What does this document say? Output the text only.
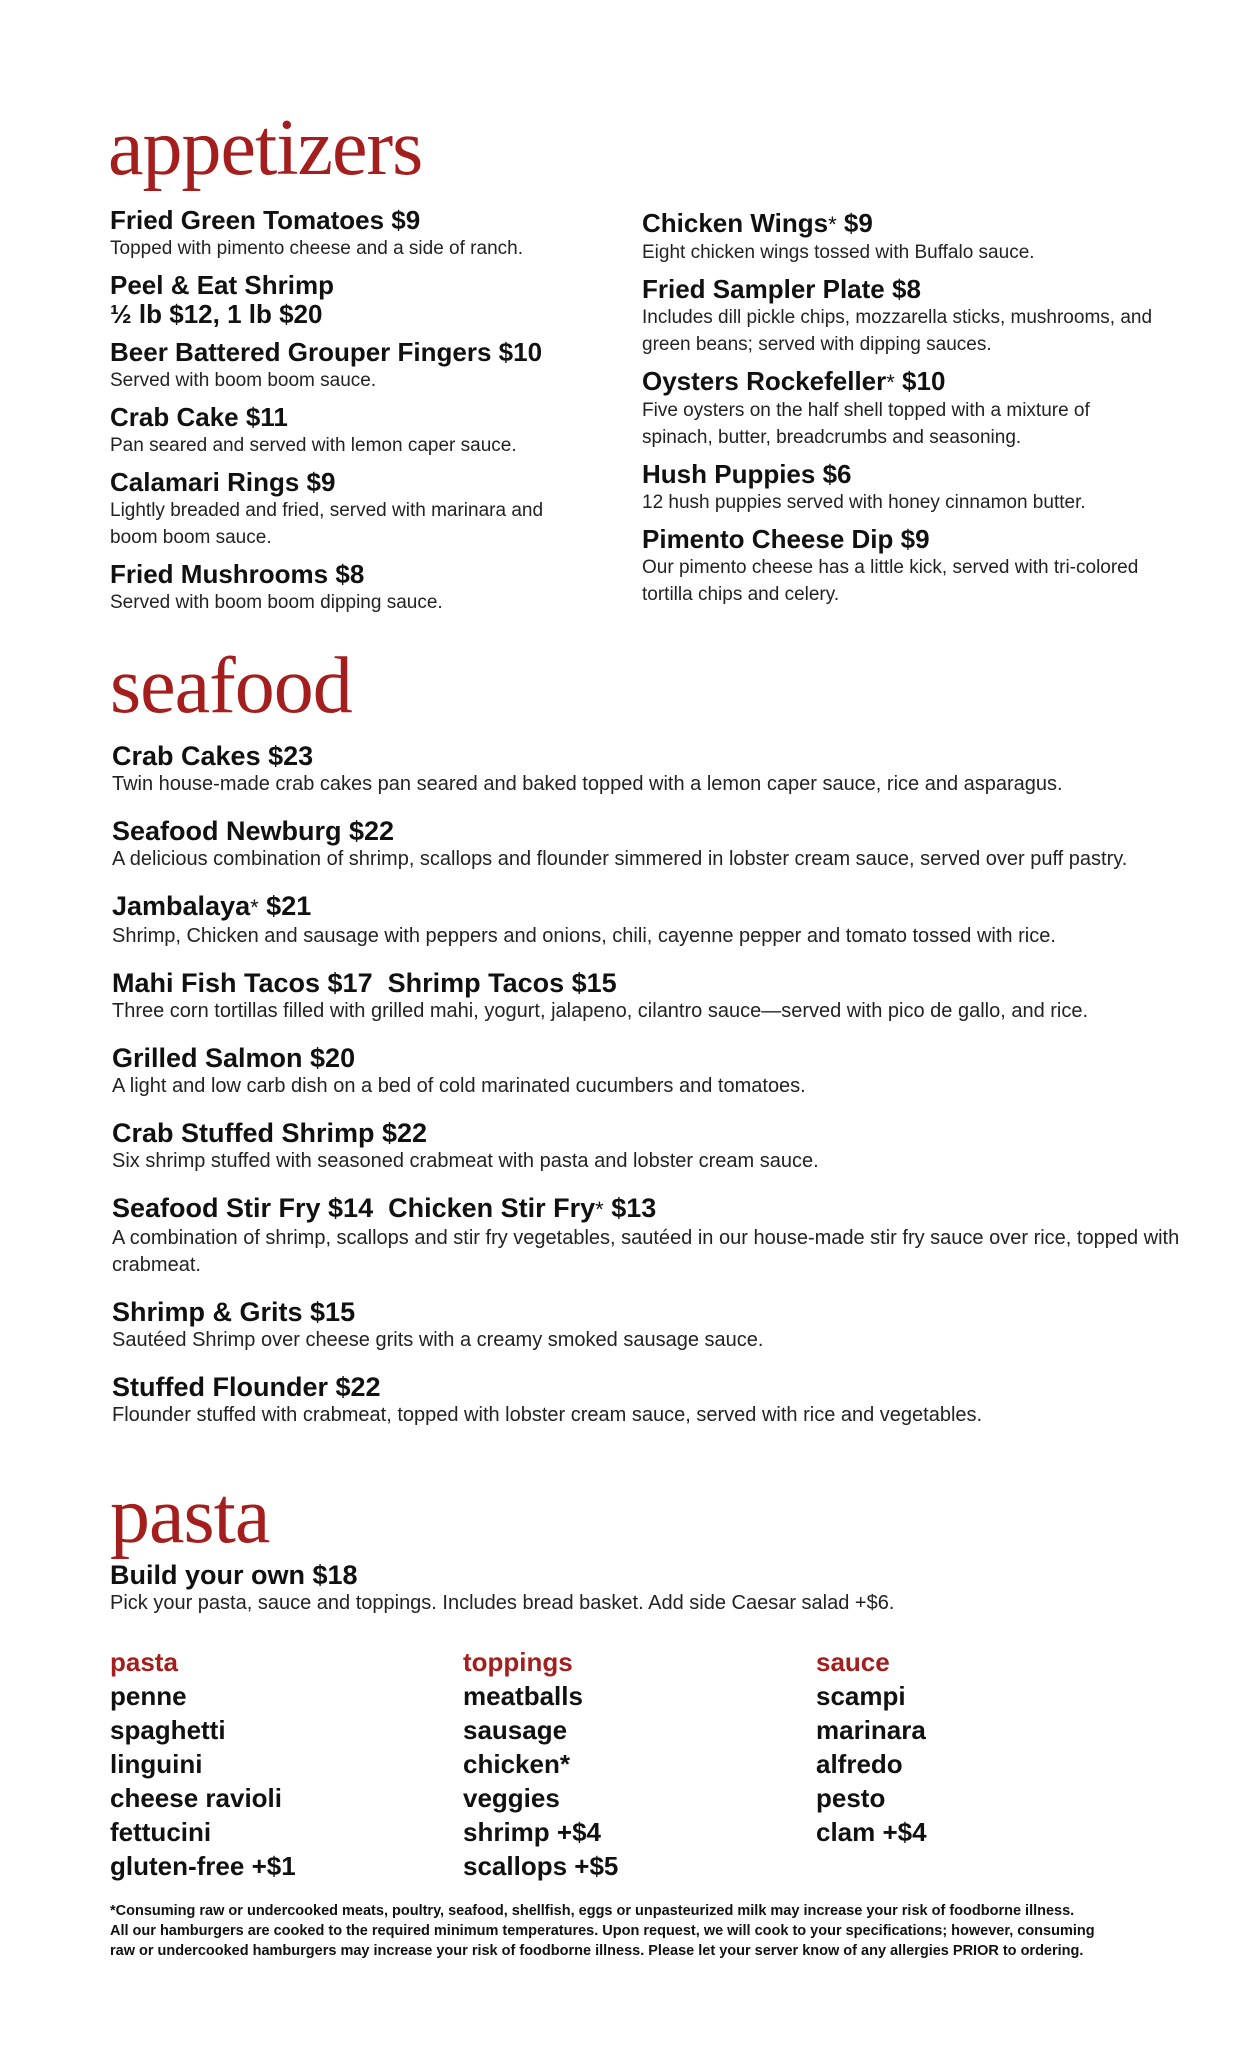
appetizers
Fried Green Tomatoes $9
Topped with pimento cheese and a side of ranch.
Peel & Eat Shrimp
½ lb $12, 1 lb $20
Beer Battered Grouper Fingers $10
Served with boom boom sauce.
Crab Cake $11
Pan seared and served with lemon caper sauce.
Calamari Rings $9
Lightly breaded and fried, served with marinara and boom boom sauce.
Fried Mushrooms $8
Served with boom boom dipping sauce.
Chicken Wings* $9
Eight chicken wings tossed with Buffalo sauce.
Fried Sampler Plate $8
Includes dill pickle chips, mozzarella sticks, mushrooms, and green beans; served with dipping sauces.
Oysters Rockefeller* $10
Five oysters on the half shell topped with a mixture of spinach, butter, breadcrumbs and seasoning.
Hush Puppies $6
12 hush puppies served with honey cinnamon butter.
Pimento Cheese Dip $9
Our pimento cheese has a little kick, served with tri-colored tortilla chips and celery.
seafood
Crab Cakes $23
Twin house-made crab cakes pan seared and baked topped with a lemon caper sauce, rice and asparagus.
Seafood Newburg $22
A delicious combination of shrimp, scallops and flounder simmered in lobster cream sauce, served over puff pastry.
Jambalaya* $21
Shrimp, Chicken and sausage with peppers and onions, chili, cayenne pepper and tomato tossed with rice.
Mahi Fish Tacos $17  Shrimp Tacos $15
Three corn tortillas filled with grilled mahi, yogurt, jalapeno, cilantro sauce—served with pico de gallo, and rice.
Grilled Salmon $20
A light and low carb dish on a bed of cold marinated cucumbers and tomatoes.
Crab Stuffed Shrimp $22
Six shrimp stuffed with seasoned crabmeat with pasta and lobster cream sauce.
Seafood Stir Fry $14  Chicken Stir Fry* $13
A combination of shrimp, scallops and stir fry vegetables, sautéed in our house-made stir fry sauce over rice, topped with crabmeat.
Shrimp & Grits $15
Sautéed Shrimp over cheese grits with a creamy smoked sausage sauce.
Stuffed Flounder $22
Flounder stuffed with crabmeat, topped with lobster cream sauce, served with rice and vegetables.
pasta
Build your own $18
Pick your pasta, sauce and toppings. Includes bread basket. Add side Caesar salad +$6.
pasta
penne
spaghetti
linguini
cheese ravioli
fettucini
gluten-free +$1
toppings
meatballs
sausage
chicken*
veggies
shrimp +$4
scallops +$5
sauce
scampi
marinara
alfredo
pesto
clam +$4

*Consuming raw or undercooked meats, poultry, seafood, shellfish, eggs or unpasteurized milk may increase your risk of foodborne illness.
All our hamburgers are cooked to the required minimum temperatures. Upon request, we will cook to your specifications; however, consuming
raw or undercooked hamburgers may increase your risk of foodborne illness. Please let your server know of any allergies PRIOR to ordering.
